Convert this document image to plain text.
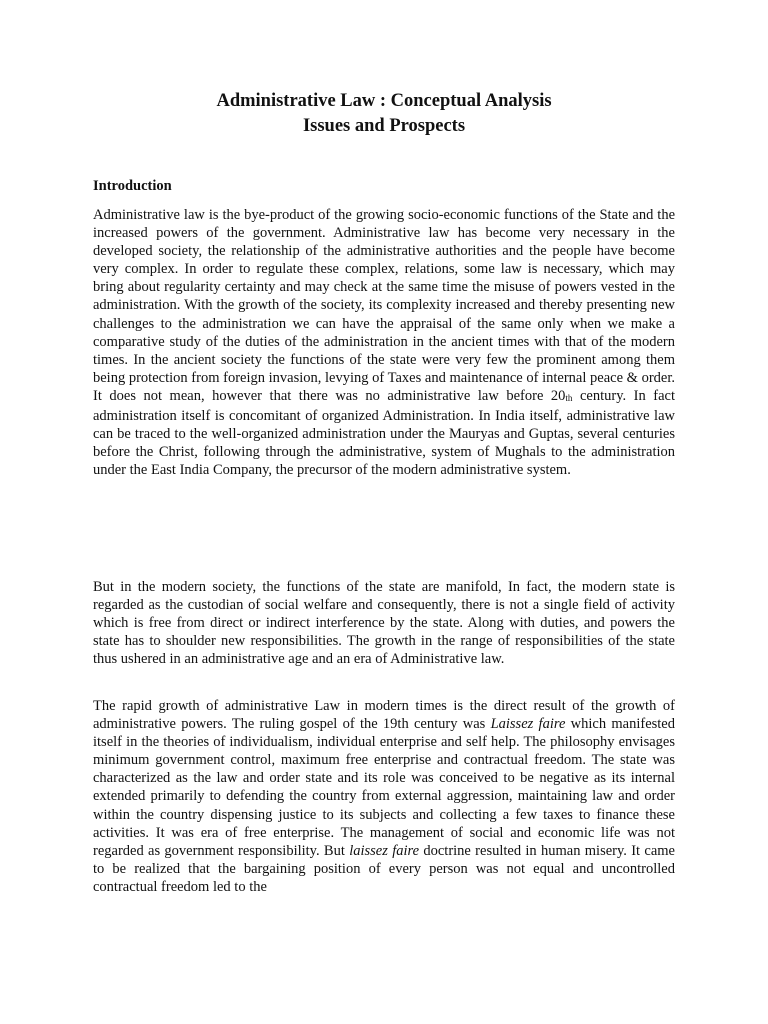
Administrative Law : Conceptual Analysis
Issues and Prospects
Introduction

Administrative law is the bye-product of the growing socio-economic functions of the State and the increased powers of the government. Administrative law has become very necessary in the developed society, the relationship of the administrative authorities and the people have become very complex. In order to regulate these complex, relations, some law is necessary, which may bring about regularity certainty and may check at the same time the misuse of powers vested in the administration. With the growth of the society, its complexity increased and thereby presenting new challenges to the administration we can have the appraisal of the same only when we make a comparative study of the duties of the administration in the ancient times with that of the modern times. In the ancient society the functions of the state were very few the prominent among them being protection from foreign invasion, levying of Taxes and maintenance of internal peace & order. It does not mean, however that there was no administrative law before $20_{th}$ century. In fact administration itself is concomitant of organized Administration. In India itself, administrative law can be traced to the well-organized administration under the Mauryas and Guptas, several centuries before the Christ, following through the administrative, system of Mughals to the administration under the East India Company, the precursor of the modern administrative system.

But in the modern society, the functions of the state are manifold, In fact, the modern state is regarded as the custodian of social welfare and consequently, there is not a single field of activity which is free from direct or indirect interference by the state. Along with duties, and powers the state has to shoulder new responsibilities. The growth in the range of responsibilities of the state thus ushered in an administrative age and an era of Administrative law.

The rapid growth of administrative Law in modern times is the direct result of the growth of administrative powers. The ruling gospel of the 19th century was Laissez faire which manifested itself in the theories of individualism, individual enterprise and self help. The philosophy envisages minimum government control, maximum free enterprise and contractual freedom. The state was characterized as the law and order state and its role was conceived to be negative as its internal extended primarily to defending the country from external aggression, maintaining law and order within the country dispensing justice to its subjects and collecting a few taxes to finance these activities. It was era of free enterprise. The management of social and economic life was not regarded as government responsibility. But laissez faire doctrine resulted in human misery. It came to be realized that the bargaining position of every person was not equal and uncontrolled contractual freedom led to the
